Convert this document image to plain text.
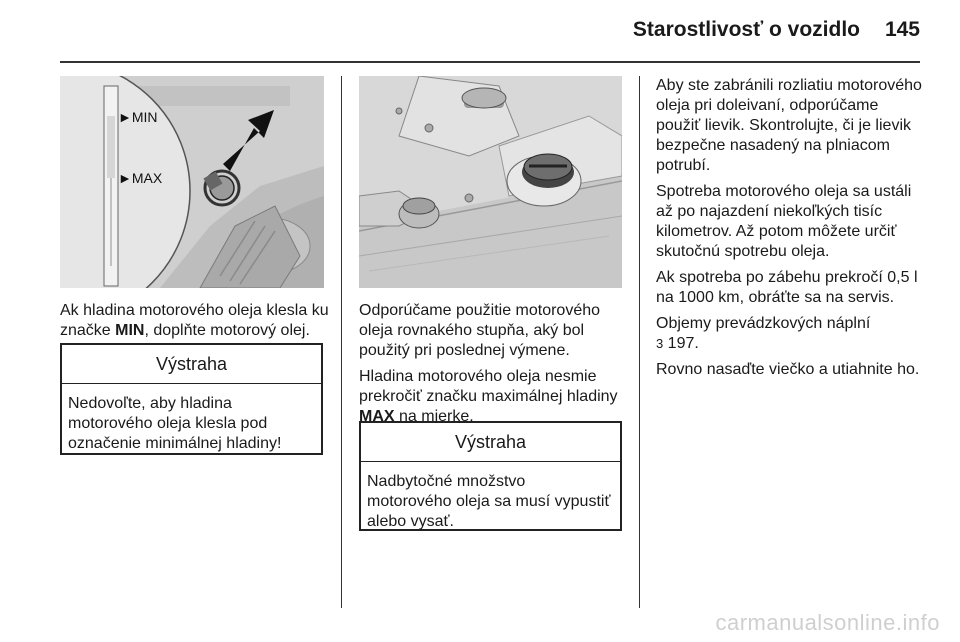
Starostlivosť o vozidlo	145
►MIN
►MAX

Ak hladina motorového oleja klesla ku značke MIN, doplňte motorový olej.

Výstraha
Nedovoľte, aby hladina motorového oleja klesla pod označenie minimálnej hladiny!

Odporúčame použitie motorového oleja rovnakého stupňa, aký bol použitý pri poslednej výmene.

Hladina motorového oleja nesmie prekročiť značku maximálnej hladiny MAX na mierke.

Výstraha
Nadbytočné množstvo motorového oleja sa musí vypustiť alebo vysať.

Aby ste zabránili rozliatiu motorového oleja pri doleivaní, odporúčame použiť lievik. Skontrolujte, či je lievik bezpečne nasadený na plniacom potrubí.

Spotreba motorového oleja sa ustáli až po najazdení niekoľkých tisíc kilometrov. Až potom môžete určiť skutočnú spotrebu oleja.

Ak spotreba po zábehu prekročí 0,5 l na 1000 km, obráťte sa na servis.

Objemy prevádzkových náplní
3 197.

Rovno nasaďte viečko a utiahnite ho.

carmanualsonline.info
